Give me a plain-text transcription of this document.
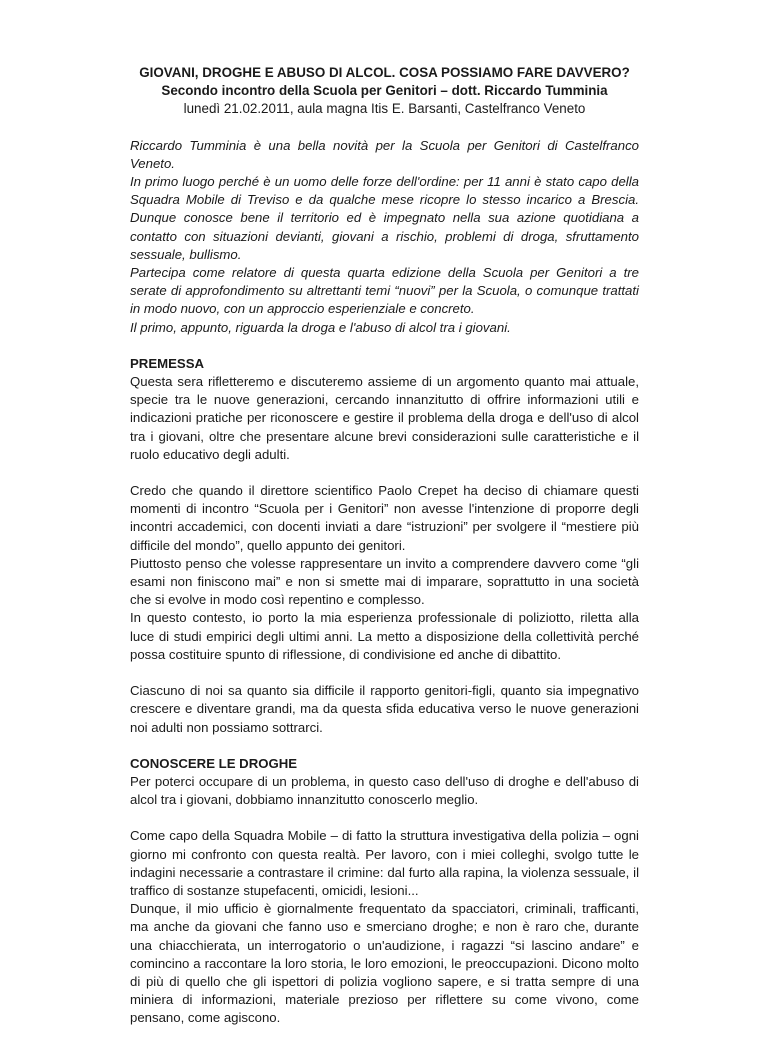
GIOVANI, DROGHE E ABUSO DI ALCOL. COSA POSSIAMO FARE DAVVERO?
Secondo incontro della Scuola per Genitori – dott. Riccardo Tumminia
lunedì 21.02.2011, aula magna Itis E. Barsanti, Castelfranco Veneto

Riccardo Tumminia è una bella novità per la Scuola per Genitori di Castelfranco Veneto.

In primo luogo perché è un uomo delle forze dell'ordine: per 11 anni è stato capo della Squadra Mobile di Treviso e da qualche mese ricopre lo stesso incarico a Brescia. Dunque conosce bene il territorio ed è impegnato nella sua azione quotidiana a contatto con situazioni devianti, giovani a rischio, problemi di droga, sfruttamento sessuale, bullismo.

Partecipa come relatore di questa quarta edizione della Scuola per Genitori a tre serate di approfondimento su altrettanti temi “nuovi” per la Scuola, o comunque trattati in modo nuovo, con un approccio esperienziale e concreto.

Il primo, appunto, riguarda la droga e l'abuso di alcol tra i giovani.

PREMESSA

Questa sera rifletteremo e discuteremo assieme di un argomento quanto mai attuale, specie tra le nuove generazioni, cercando innanzitutto di offrire informazioni utili e indicazioni pratiche per riconoscere e gestire il problema della droga e dell'uso di alcol tra i giovani, oltre che presentare alcune brevi considerazioni sulle caratteristiche e il ruolo educativo degli adulti.

Credo che quando il direttore scientifico Paolo Crepet ha deciso di chiamare questi momenti di incontro “Scuola per i Genitori” non avesse l'intenzione di proporre degli incontri accademici, con docenti inviati a dare “istruzioni” per svolgere il “mestiere più difficile del mondo”, quello appunto dei genitori.

Piuttosto penso che volesse rappresentare un invito a comprendere davvero come “gli esami non finiscono mai” e non si smette mai di imparare, soprattutto in una società che si evolve in modo così repentino e complesso.

In questo contesto, io porto la mia esperienza professionale di poliziotto, riletta alla luce di studi empirici degli ultimi anni. La metto a disposizione della collettività perché possa costituire spunto di riflessione, di condivisione ed anche di dibattito.

Ciascuno di noi sa quanto sia difficile il rapporto genitori-figli, quanto sia impegnativo crescere e diventare grandi, ma da questa sfida educativa verso le nuove generazioni noi adulti non possiamo sottrarci.

CONOSCERE LE DROGHE

Per poterci occupare di un problema, in questo caso dell'uso di droghe e dell'abuso di alcol tra i giovani, dobbiamo innanzitutto conoscerlo meglio.

Come capo della Squadra Mobile – di fatto la struttura investigativa della polizia – ogni giorno mi confronto con questa realtà. Per lavoro, con i miei colleghi, svolgo tutte le indagini necessarie a contrastare il crimine: dal furto alla rapina, la violenza sessuale, il traffico di sostanze stupefacenti, omicidi, lesioni...

Dunque, il mio ufficio è giornalmente frequentato da spacciatori, criminali, trafficanti, ma anche da giovani che fanno uso e smerciano droghe; e non è raro che, durante una chiacchierata, un interrogatorio o un'audizione, i ragazzi “si lascino andare” e comincino a raccontare la loro storia, le loro emozioni, le preoccupazioni. Dicono molto di più di quello che gli ispettori di polizia vogliono sapere, e si tratta sempre di una miniera di informazioni, materiale prezioso per riflettere su come vivono, come pensano, come agiscono.
